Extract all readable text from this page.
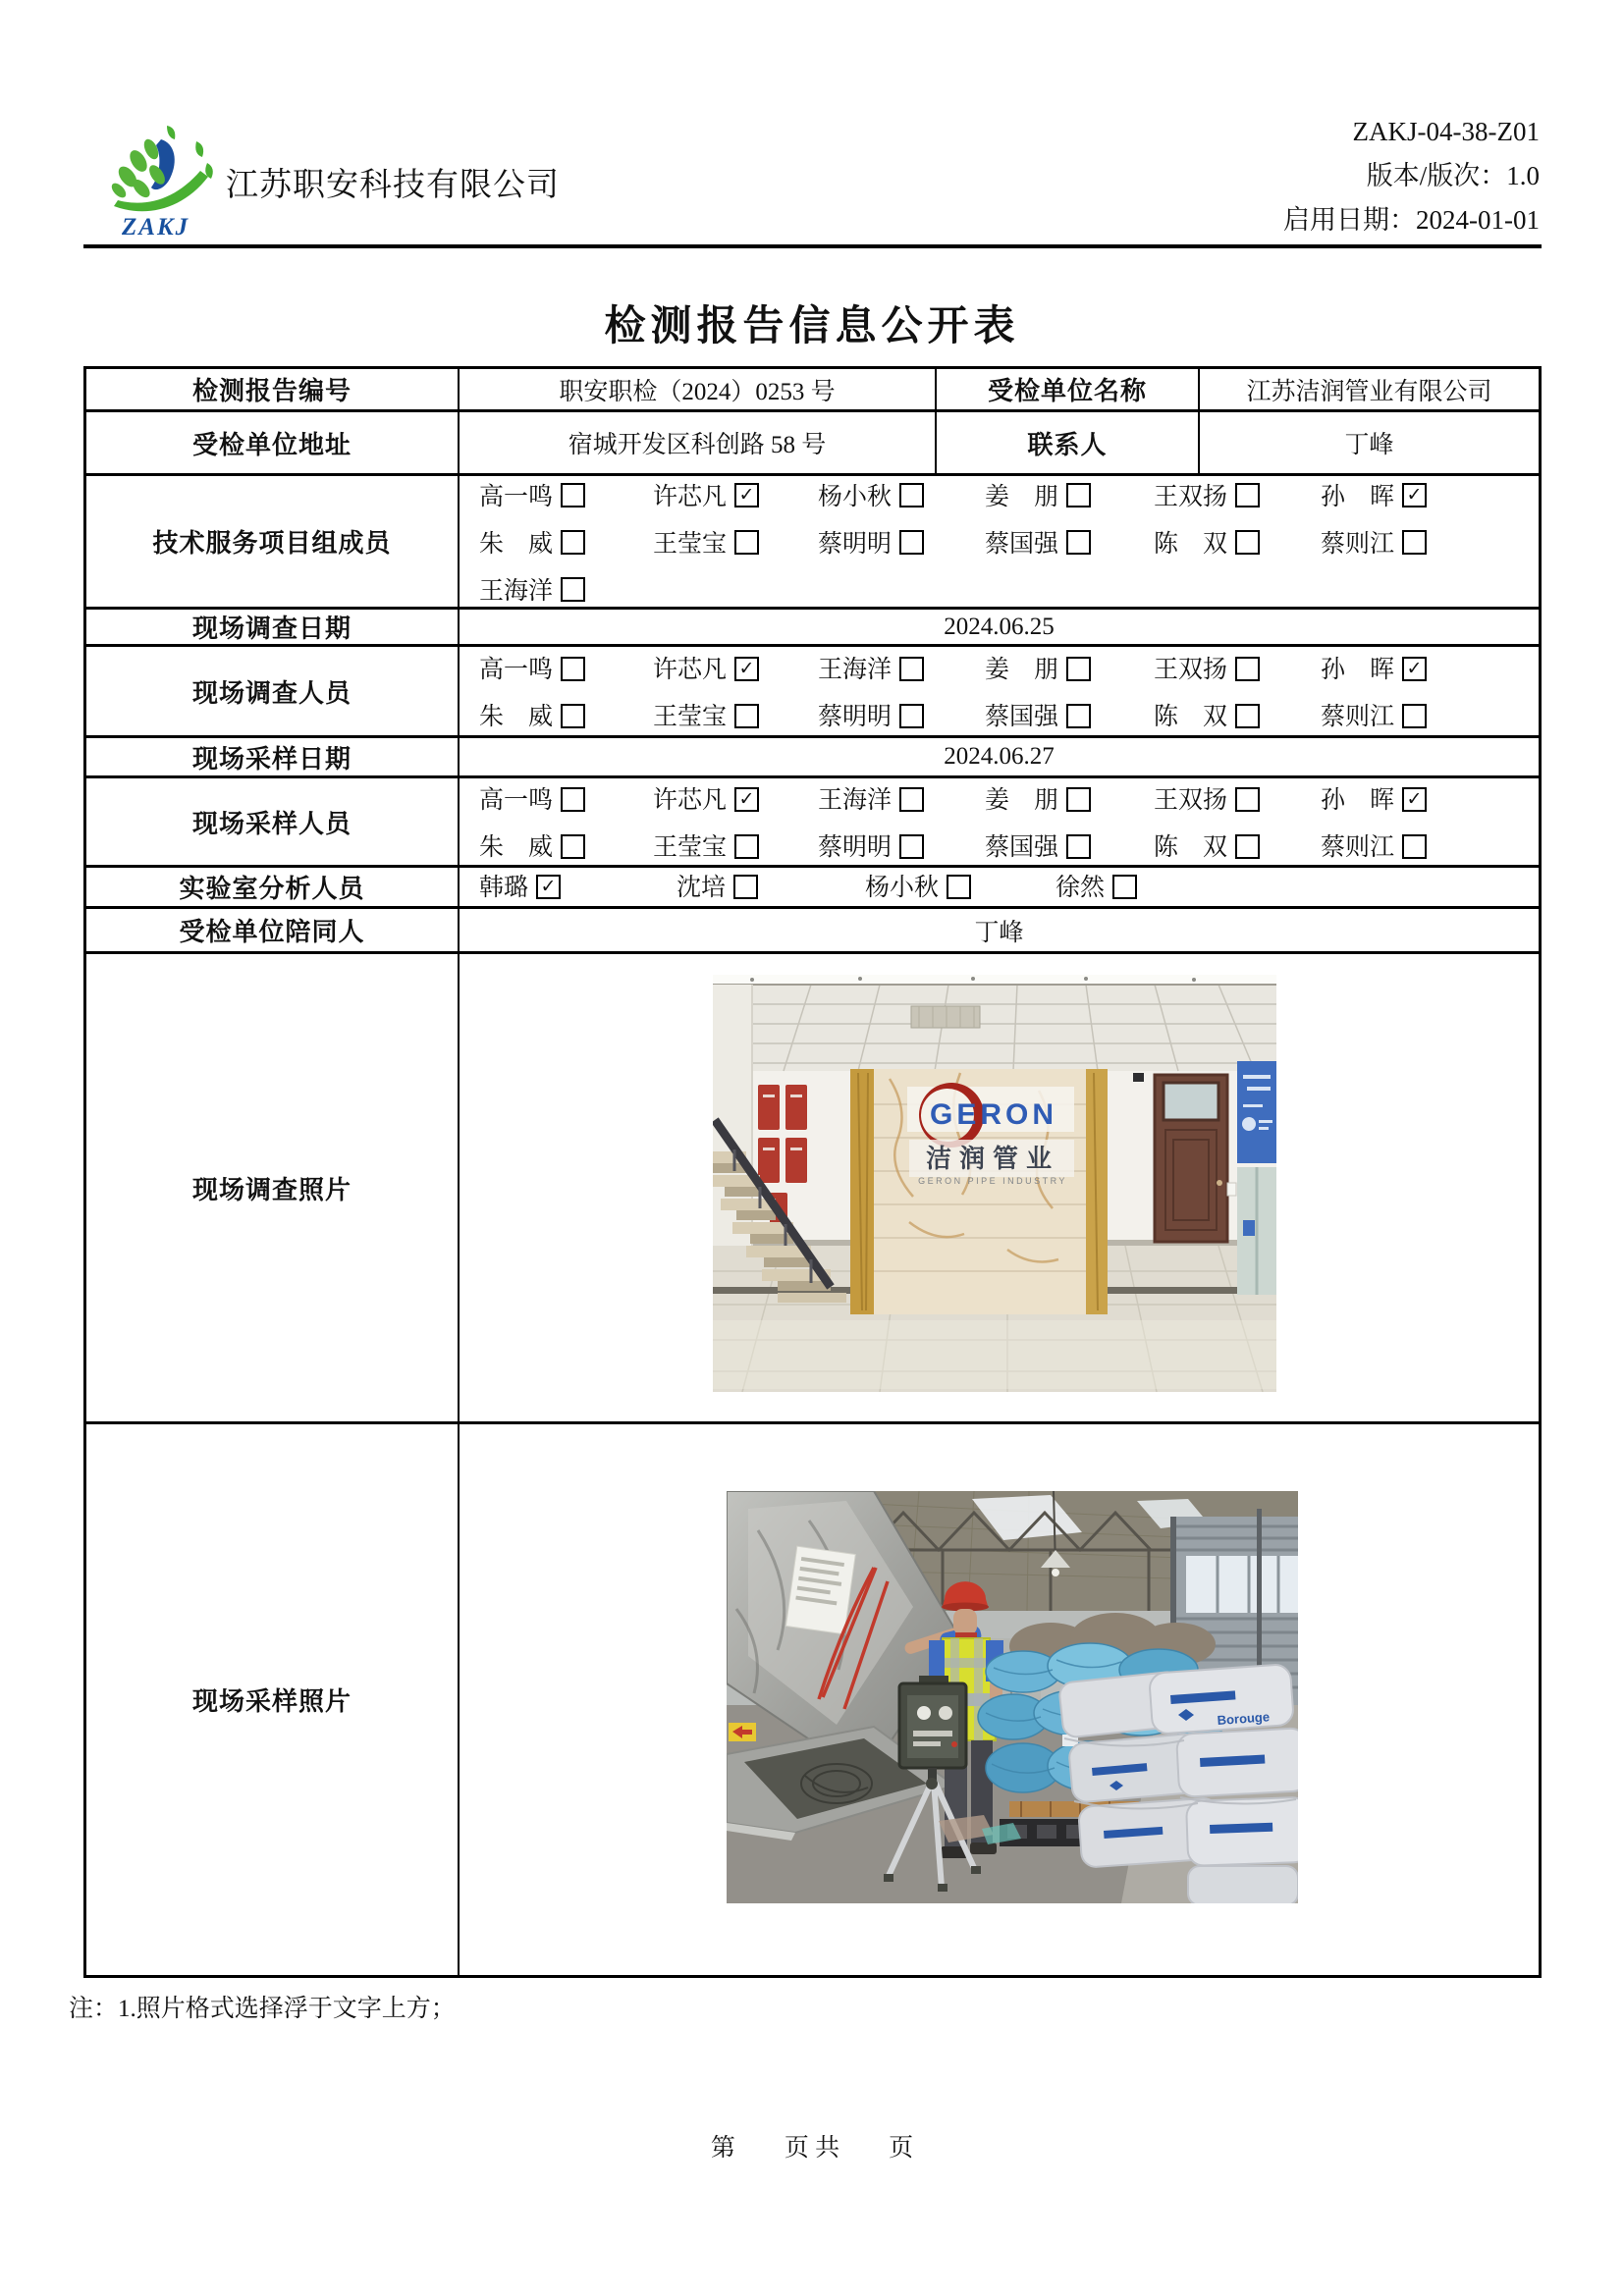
ZAKJ
江苏职安科技有限公司
ZAKJ-04-38-Z01
版本/版次：1.0
启用日期：2024-01-01
检测报告信息公开表
检测报告编号	职安职检（2024）0253 号	受检单位名称	江苏洁润管业有限公司
受检单位地址	宿城开发区科创路 58 号	联系人	丁峰
技术服务项目组成员
高一鸣	许芯凡 ✓	杨小秋	姜　朋	王双扬	孙　晖 ✓
朱　威	王莹宝	蔡明明	蔡国强	陈　双	蔡则江
王海洋
现场调查日期	2024.06.25
现场调查人员
高一鸣	许芯凡 ✓	王海洋	姜　朋	王双扬	孙　晖 ✓
朱　威	王莹宝	蔡明明	蔡国强	陈　双	蔡则江
现场采样日期	2024.06.27
现场采样人员
高一鸣	许芯凡 ✓	王海洋	姜　朋	王双扬	孙　晖 ✓
朱　威	王莹宝	蔡明明	蔡国强	陈　双	蔡则江
实验室分析人员	韩璐 ✓	沈培	杨小秋	徐然
受检单位陪同人	丁峰
现场调查照片
GERON
洁润管业
GERON PIPE INDUSTRY
现场采样照片
Borouge
注：1.照片格式选择浮于文字上方；
第　　页 共　　页
